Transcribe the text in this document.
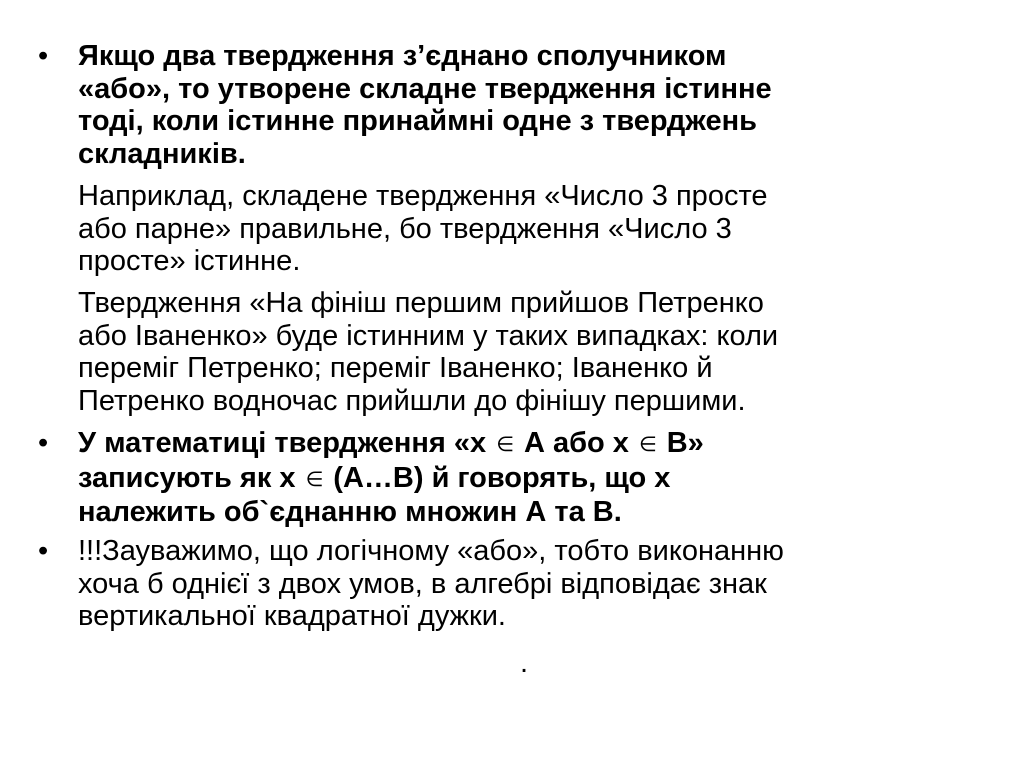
• Якщо два твердження з’єднано сполучником
«або», то утворене складне твердження істинне
тоді, коли істинне принаймні одне з тверджень
складників.
Наприклад, складене твердження «Число 3 просте
або парне» правильне, бо твердження «Число 3
просте» істинне.
Твердження «На фініш першим прийшов Петренко
або Іваненко» буде істинним у таких випадках: коли
переміг Петренко; переміг Іваненко; Іваненко й
Петренко водночас прийшли до фінішу першими.
• У математиці твердження «х ∈ А або х ∈ В»
записують як х ∈ (А…В) й говорять, що х
належить об`єднанню множин А та В.
• !!!Зауважимо, що логічному «або», тобто виконанню
хоча б однієї з двох умов, в алгебрі відповідає знак
вертикальної квадратної дужки.
.
